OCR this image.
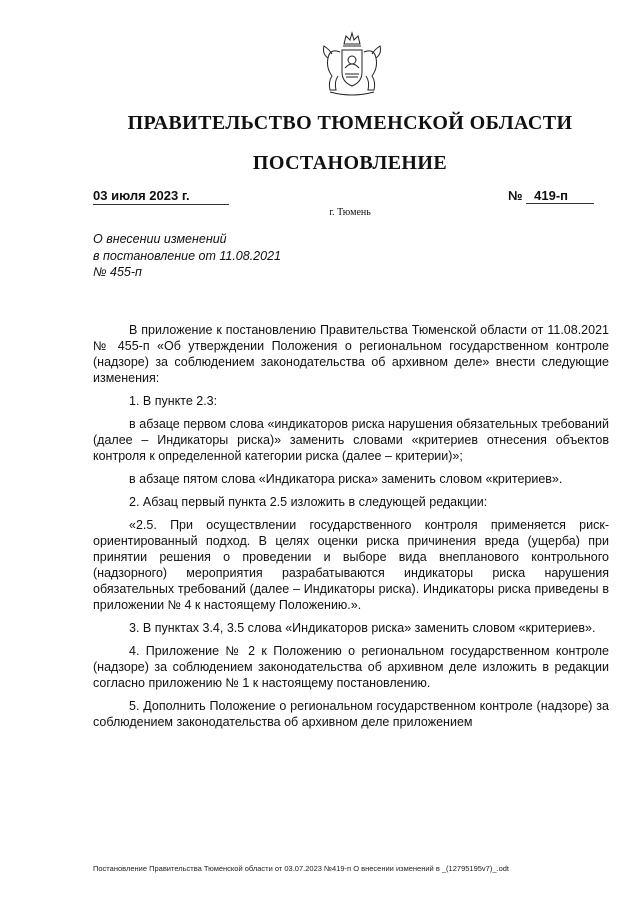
ПРАВИТЕЛЬСТВО ТЮМЕНСКОЙ ОБЛАСТИ
ПОСТАНОВЛЕНИЕ
03 июля 2023 г.	№ 419-п
г. Тюмень
О внесении изменений
в постановление от 11.08.2021
№ 455-п

В приложение к постановлению Правительства Тюменской области от 11.08.2021 № 455-п «Об утверждении Положения о региональном государственном контроле (надзоре) за соблюдением законодательства об архивном деле» внести следующие изменения:

1. В пункте 2.3:

в абзаце первом слова «индикаторов риска нарушения обязательных требований (далее – Индикаторы риска)» заменить словами «критериев отнесения объектов контроля к определенной категории риска (далее – критерии)»;

в абзаце пятом слова «Индикатора риска» заменить словом «критериев».

2. Абзац первый пункта 2.5 изложить в следующей редакции:

«2.5. При осуществлении государственного контроля применяется риск-ориентированный подход. В целях оценки риска причинения вреда (ущерба) при принятии решения о проведении и выборе вида внепланового контрольного (надзорного) мероприятия разрабатываются индикаторы риска нарушения обязательных требований (далее – Индикаторы риска). Индикаторы риска приведены в приложении № 4 к настоящему Положению.».

3. В пунктах 3.4, 3.5 слова «Индикаторов риска» заменить словом «критериев».

4. Приложение № 2 к Положению о региональном государственном контроле (надзоре) за соблюдением законодательства об архивном деле изложить в редакции согласно приложению № 1 к настоящему постановлению.

5. Дополнить Положение о региональном государственном контроле (надзоре) за соблюдением законодательства об архивном деле приложением

Постановление Правительства Тюменской области от 03.07.2023 №419-п О внесении изменений в _(12795195v7)_.odt
